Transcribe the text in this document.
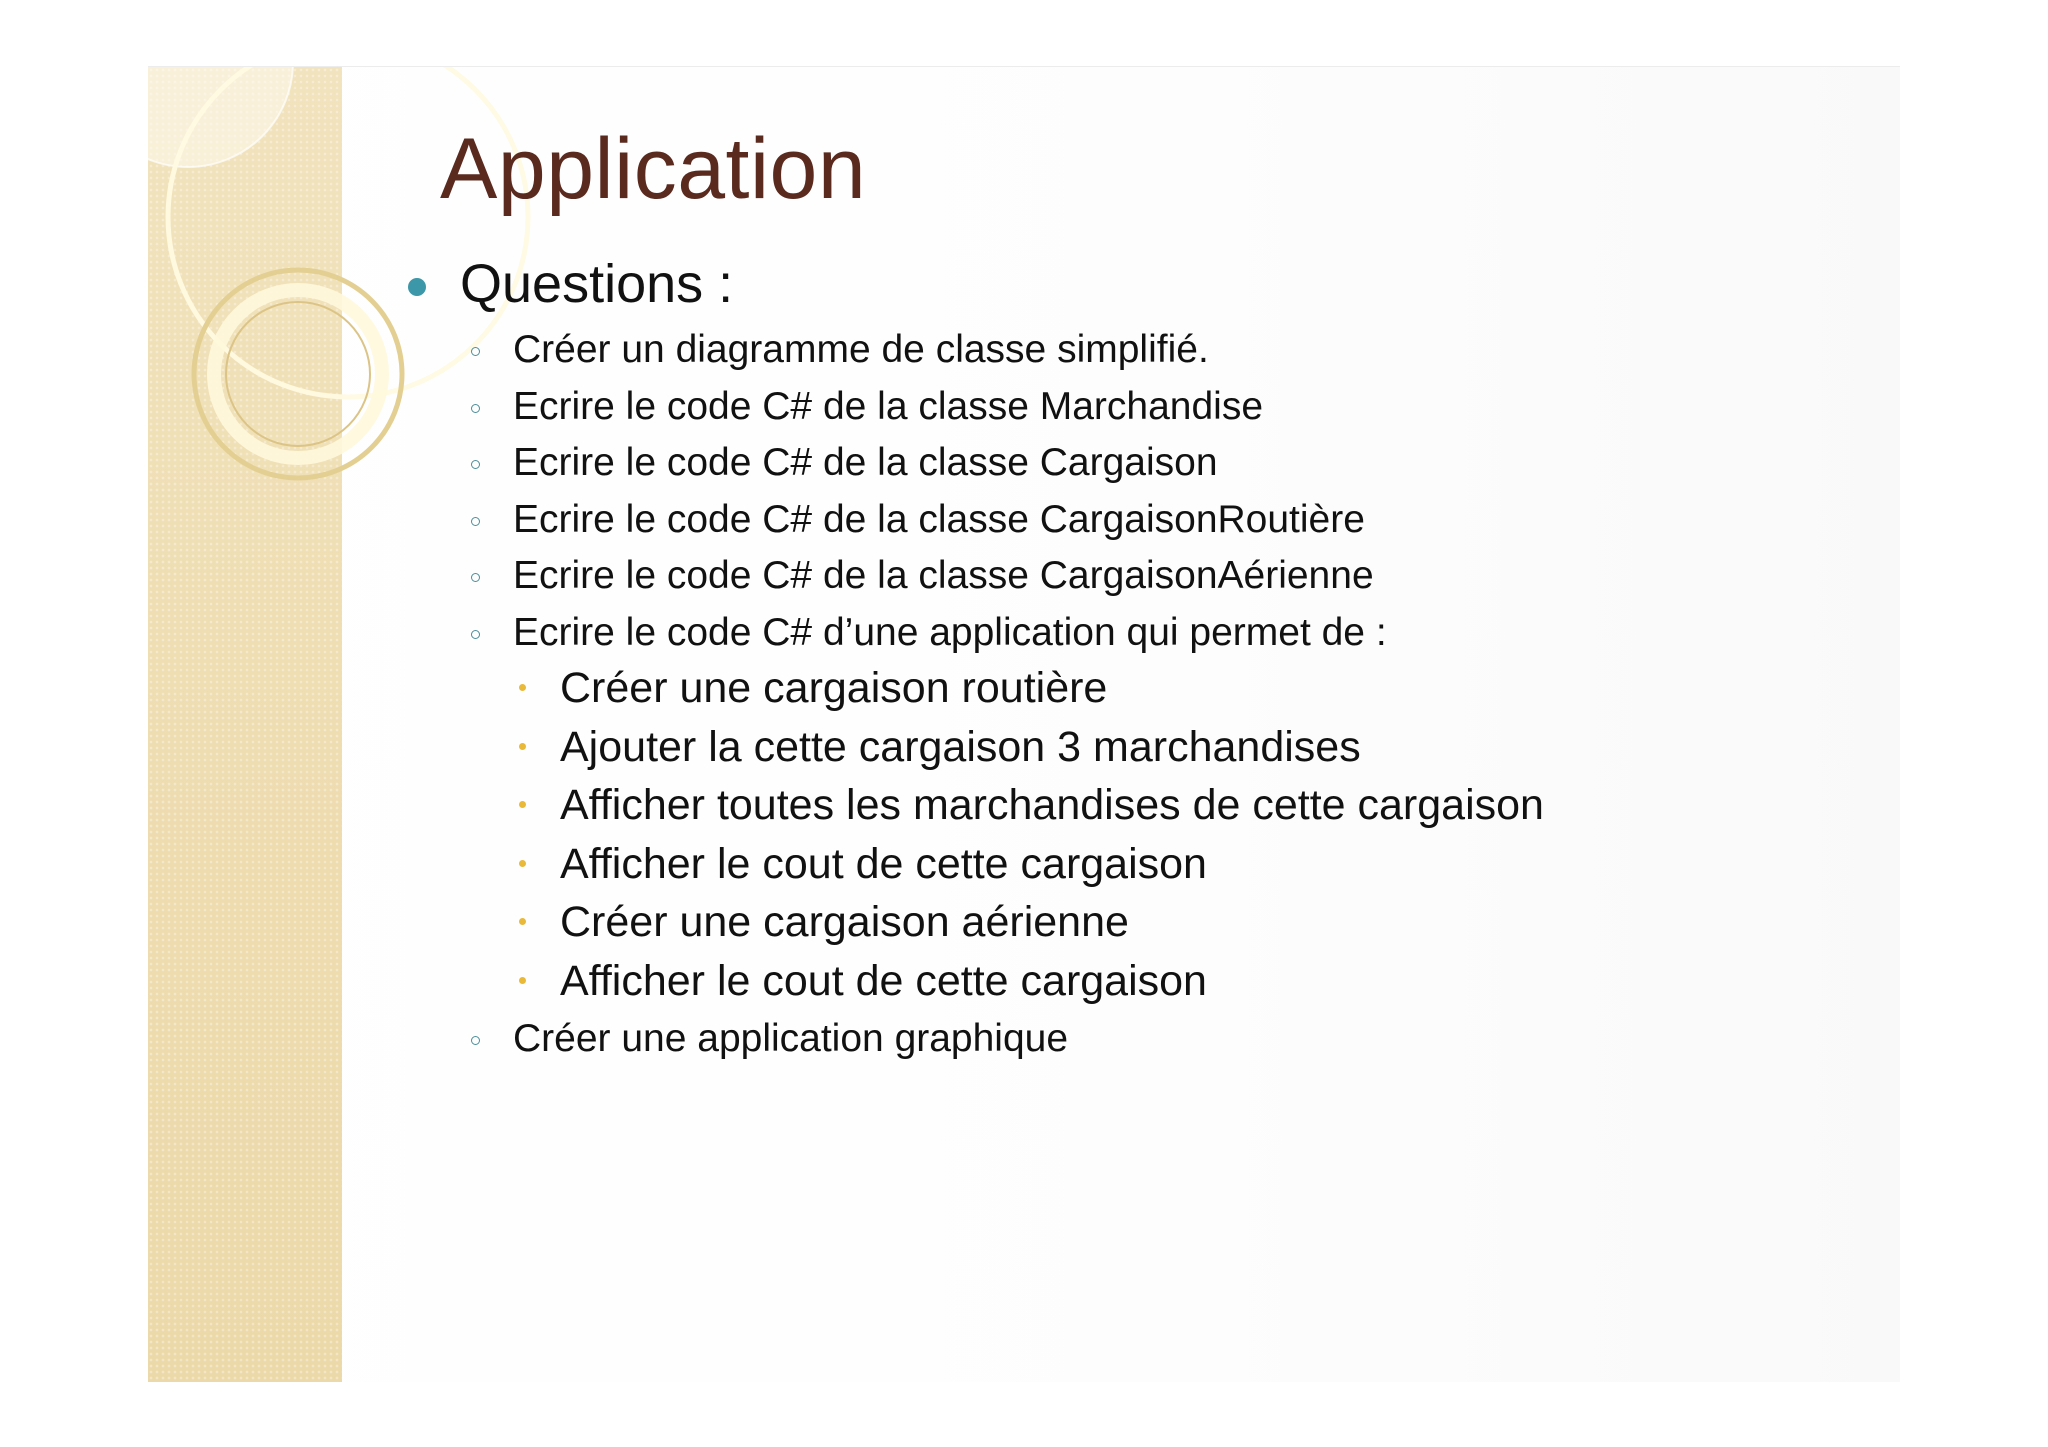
Application
Questions :
Créer un diagramme de classe simplifié.
Ecrire le code C# de la classe Marchandise
Ecrire le code C# de la classe Cargaison
Ecrire le code C# de la classe CargaisonRoutière
Ecrire le code C# de la classe CargaisonAérienne
Ecrire le code C# d’une application qui permet de :
Créer une cargaison routière
Ajouter la cette cargaison 3 marchandises
Afficher toutes les marchandises de cette cargaison
Afficher le cout de cette cargaison
Créer une cargaison aérienne
Afficher le cout de cette cargaison
Créer une application graphique
